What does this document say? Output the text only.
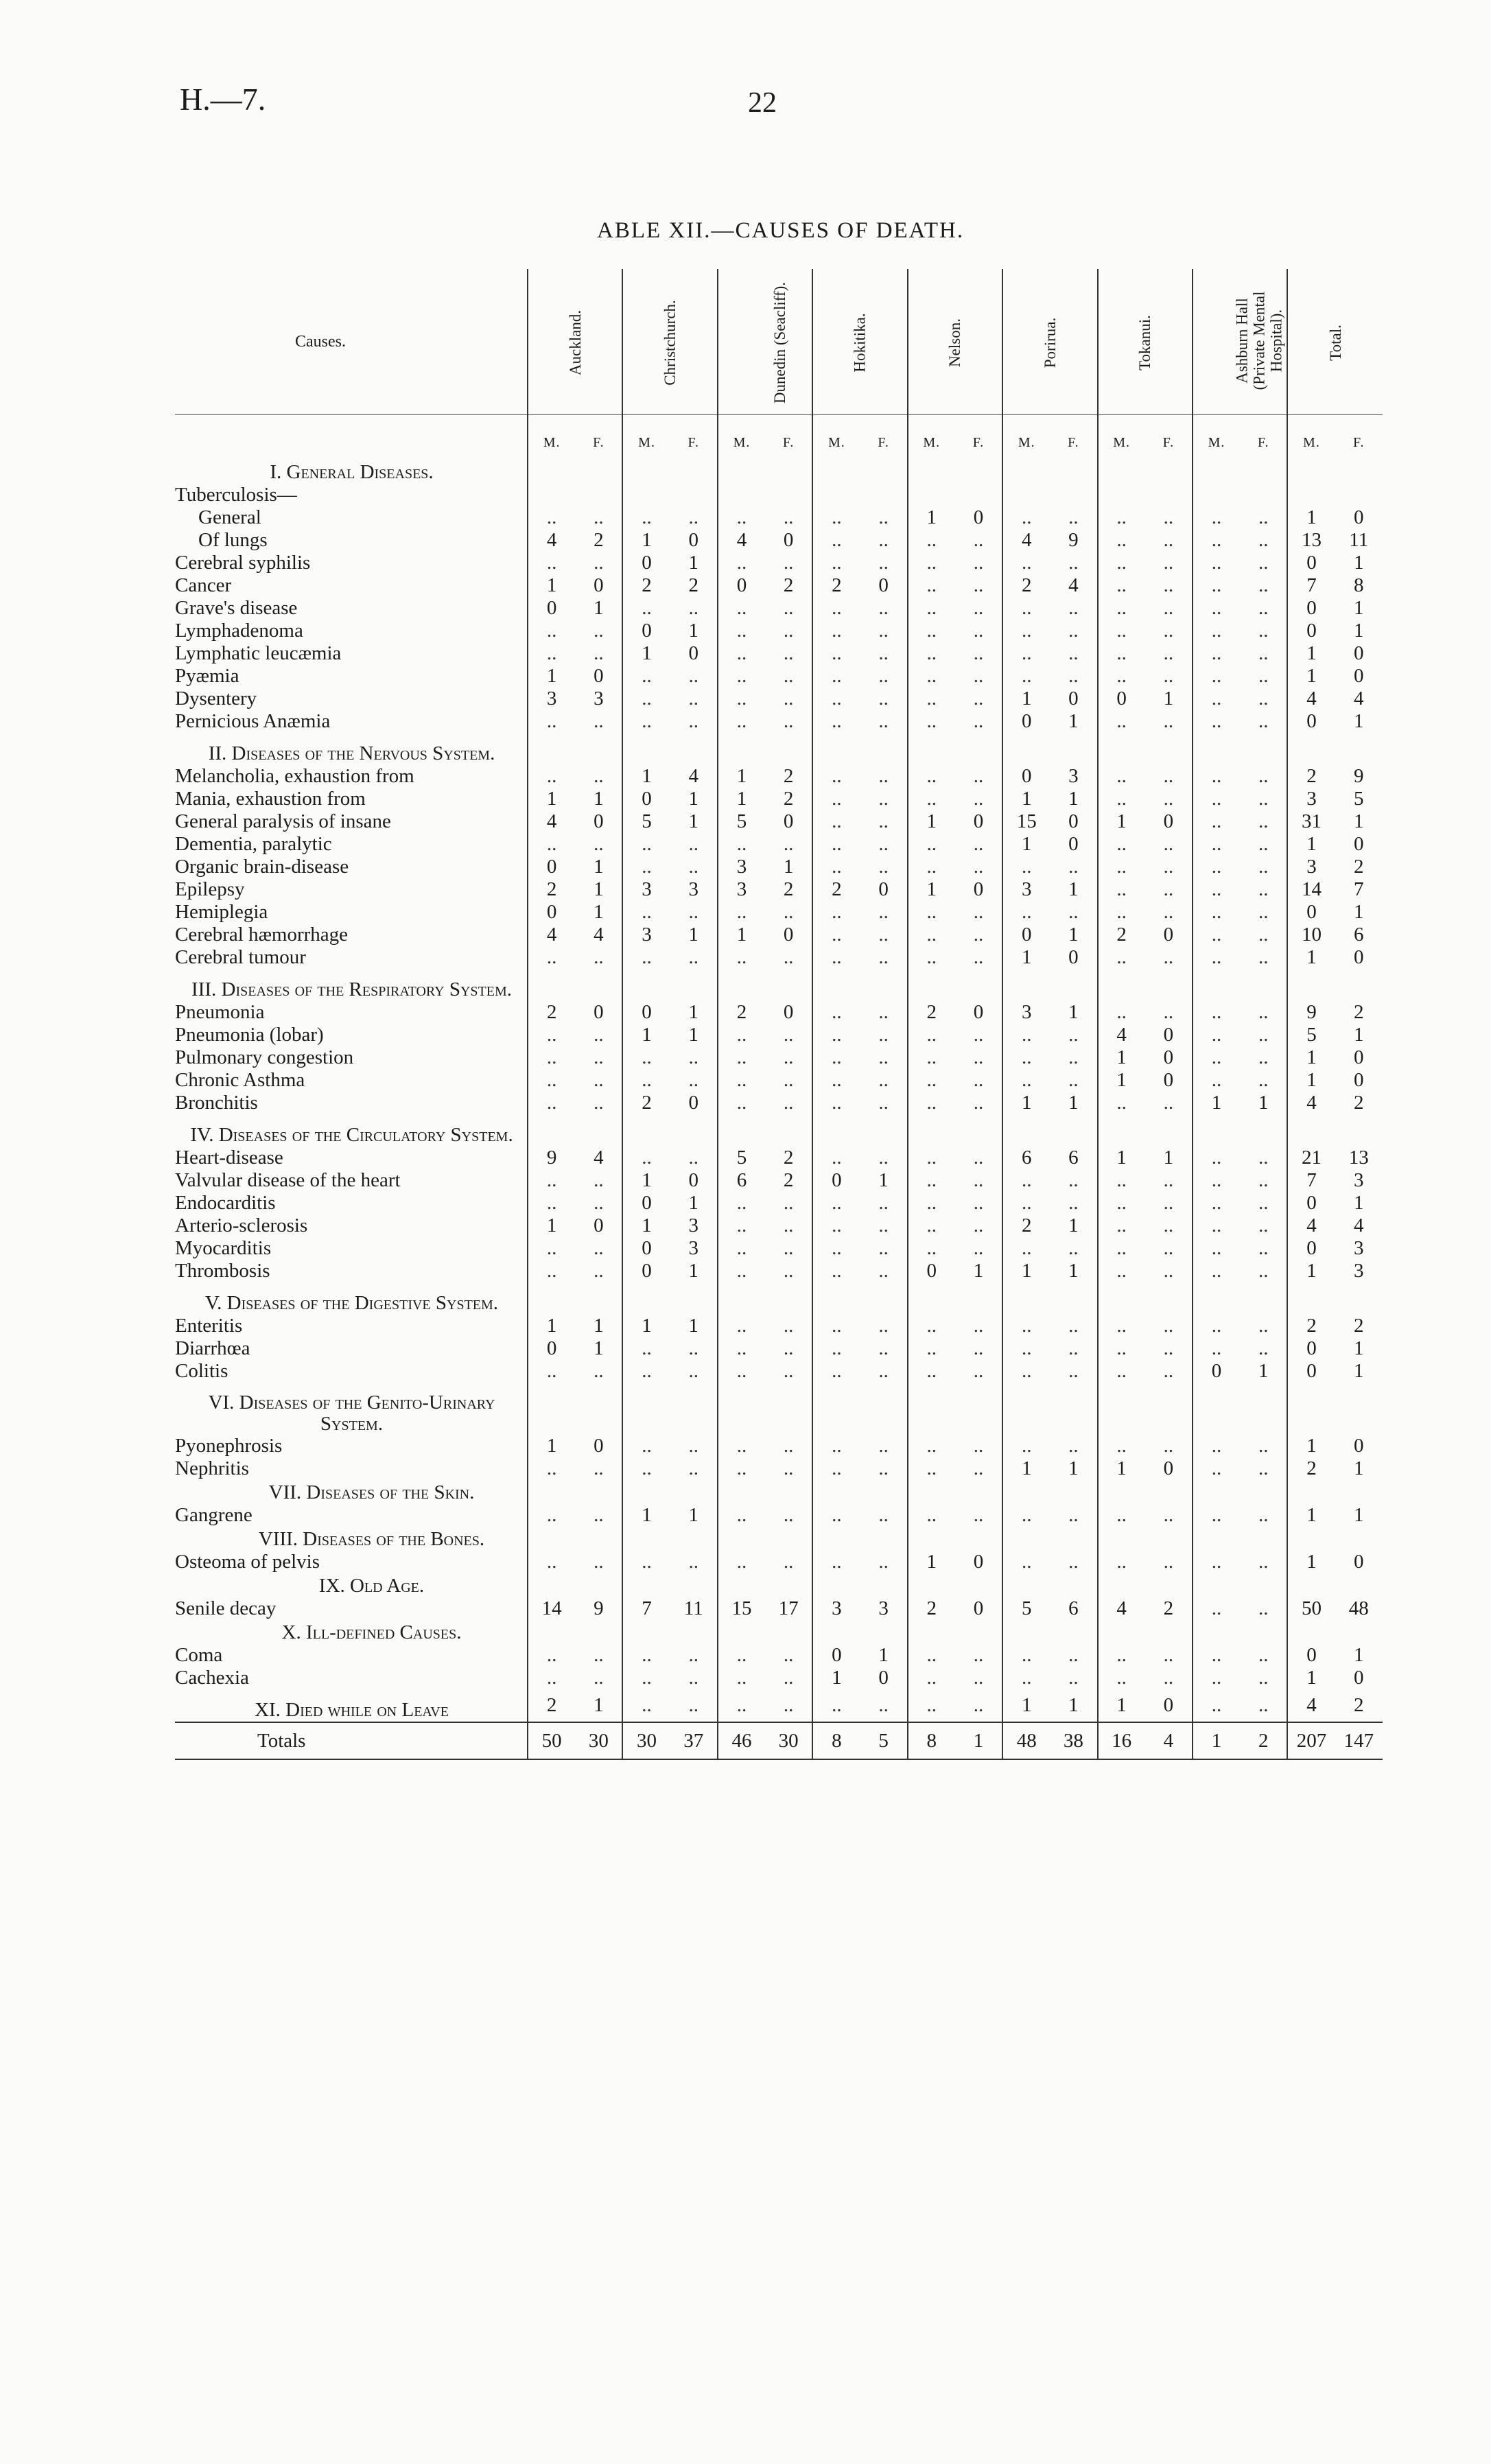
H.—7.	22
ABLE XII.—CAUSES OF DEATH.
Causes.	Auckland.		Christchurch.		Dunedin (Seacliff).		Hokitika.		Nelson.		Porirua.		Tokanui.		Ashburn Hall (Private Mental Hospital).		Total.	
	M.	F.	M.	F.	M.	F.	M.	F.	M.	F.	M.	F.	M.	F.	M.	F.	M.	F.
I. General Diseases.																		
Tuberculosis—																		
General	..	..	..	..	..	..	..	..	1	0	..	..	..	..	..	..	1	0
Of lungs	4	2	1	0	4	0	..	..	..	..	4	9	..	..	..	..	13	11
Cerebral syphilis	..	..	0	1	..	..	..	..	..	..	..	..	..	..	..	..	0	1
Cancer	1	0	2	2	0	2	2	0	..	..	2	4	..	..	..	..	7	8
Grave's disease	0	1	..	..	..	..	..	..	..	..	..	..	..	..	..	..	0	1
Lymphadenoma	..	..	0	1	..	..	..	..	..	..	..	..	..	..	..	..	0	1
Lymphatic leucæmia	..	..	1	0	..	..	..	..	..	..	..	..	..	..	..	..	1	0
Pyæmia	1	0	..	..	..	..	..	..	..	..	..	..	..	..	..	..	1	0
Dysentery	3	3	..	..	..	..	..	..	..	..	1	0	0	1	..	..	4	4
Pernicious Anæmia	..	..	..	..	..	..	..	..	..	..	0	1	..	..	..	..	0	1
II. Diseases of the Nervous System.																		
Melancholia, exhaustion from	..	..	1	4	1	2	..	..	..	..	0	3	..	..	..	..	2	9
Mania, exhaustion from	1	1	0	1	1	2	..	..	..	..	1	1	..	..	..	..	3	5
General paralysis of insane	4	0	5	1	5	0	..	..	1	0	15	0	1	0	..	..	31	1
Dementia, paralytic	..	..	..	..	..	..	..	..	..	..	1	0	..	..	..	..	1	0
Organic brain-disease	0	1	..	..	3	1	..	..	..	..	..	..	..	..	..	..	3	2
Epilepsy	2	1	3	3	3	2	2	0	1	0	3	1	..	..	..	..	14	7
Hemiplegia	0	1	..	..	..	..	..	..	..	..	..	..	..	..	..	..	0	1
Cerebral hæmorrhage	4	4	3	1	1	0	..	..	..	..	0	1	2	0	..	..	10	6
Cerebral tumour	..	..	..	..	..	..	..	..	..	..	1	0	..	..	..	..	1	0
III. Diseases of the Respiratory System.																		
Pneumonia	2	0	0	1	2	0	..	..	2	0	3	1	..	..	..	..	9	2
Pneumonia (lobar)	..	..	1	1	..	..	..	..	..	..	..	..	4	0	..	..	5	1
Pulmonary congestion	..	..	..	..	..	..	..	..	..	..	..	..	1	0	..	..	1	0
Chronic Asthma	..	..	..	..	..	..	..	..	..	..	..	..	1	0	..	..	1	0
Bronchitis	..	..	2	0	..	..	..	..	..	..	1	1	..	..	1	1	4	2
IV. Diseases of the Circulatory System.																		
Heart-disease	9	4	..	..	5	2	..	..	..	..	6	6	1	1	..	..	21	13
Valvular disease of the heart	..	..	1	0	6	2	0	1	..	..	..	..	..	..	..	..	7	3
Endocarditis	..	..	0	1	..	..	..	..	..	..	..	..	..	..	..	..	0	1
Arterio-sclerosis	1	0	1	3	..	..	..	..	..	..	2	1	..	..	..	..	4	4
Myocarditis	..	..	0	3	..	..	..	..	..	..	..	..	..	..	..	..	0	3
Thrombosis	..	..	0	1	..	..	..	..	0	1	1	1	..	..	..	..	1	3
V. Diseases of the Digestive System.																		
Enteritis	1	1	1	1	..	..	..	..	..	..	..	..	..	..	..	..	2	2
Diarrhœa	0	1	..	..	..	..	..	..	..	..	..	..	..	..	..	..	0	1
Colitis	..	..	..	..	..	..	..	..	..	..	..	..	..	..	0	1	0	1
VI. Diseases of the Genito-Urinary System.																		
Pyonephrosis	1	0	..	..	..	..	..	..	..	..	..	..	..	..	..	..	1	0
Nephritis	..	..	..	..	..	..	..	..	..	..	1	1	1	0	..	..	2	1
VII. Diseases of the Skin.																		
Gangrene	..	..	1	1	..	..	..	..	..	..	..	..	..	..	..	..	1	1
VIII. Diseases of the Bones.																		
Osteoma of pelvis	..	..	..	..	..	..	..	..	1	0	..	..	..	..	..	..	1	0
IX. Old Age.																		
Senile decay	14	9	7	11	15	17	3	3	2	0	5	6	4	2	..	..	50	48
X. Ill-defined Causes.																		
Coma	..	..	..	..	..	..	0	1	..	..	..	..	..	..	..	..	0	1
Cachexia	..	..	..	..	..	..	1	0	..	..	..	..	..	..	..	..	1	0
XI. Died while on Leave	2	1	..	..	..	..	..	..	..	..	1	1	1	0	..	..	4	2
Totals	50	30	30	37	46	30	8	5	8	1	48	38	16	4	1	2	207	147
